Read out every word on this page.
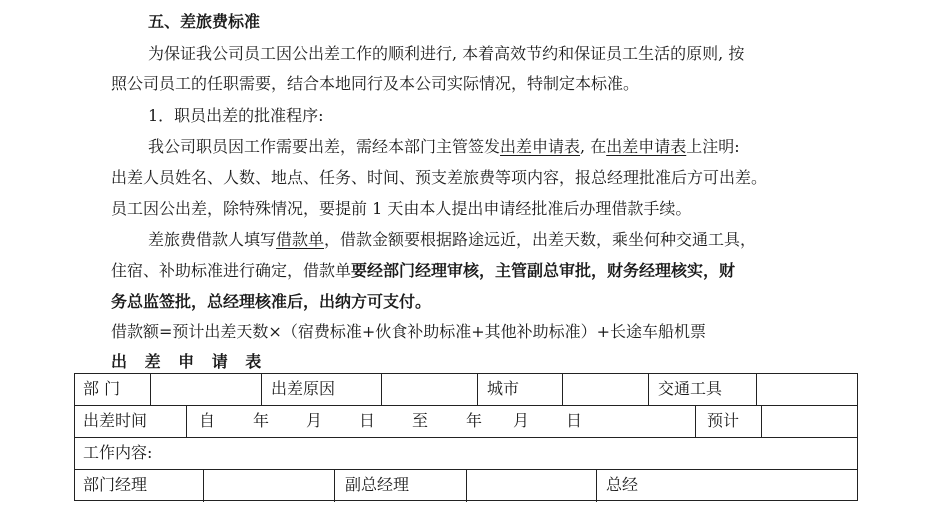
五、差旅费标准
为保证我公司员工因公出差工作的顺利进行, 本着高效节约和保证员工生活的原则, 按
照公司员工的任职需要，结合本地同行及本公司实际情况，特制定本标准。
1．职员出差的批准程序:
我公司职员因工作需要出差，需经本部门主管签发出差申请表, 在出差申请表上注明:
出差人员姓名、人数、地点、任务、时间、预支差旅费等项内容，报总经理批准后方可出差。
员工因公出差，除特殊情况，要提前 1 天由本人提出申请经批准后办理借款手续。
差旅费借款人填写借款单，借款金额要根据路途远近，出差天数，乘坐何种交通工具，
住宿、补助标准进行确定，借款单要经部门经理审核，主管副总审批，财务经理核实，财
务总监签批，总经理核准后，出纳方可支付。
借款额=预计出差天数×（宿费标准+伙食补助标准+其他补助标准）+长途车船机票
出 差 申 请 表
部 门	出差原因	城市	交通工具
出差时间	自 年 月 日 至 年 月 日	预计
工作内容:
部门经理	副总经理	总经
